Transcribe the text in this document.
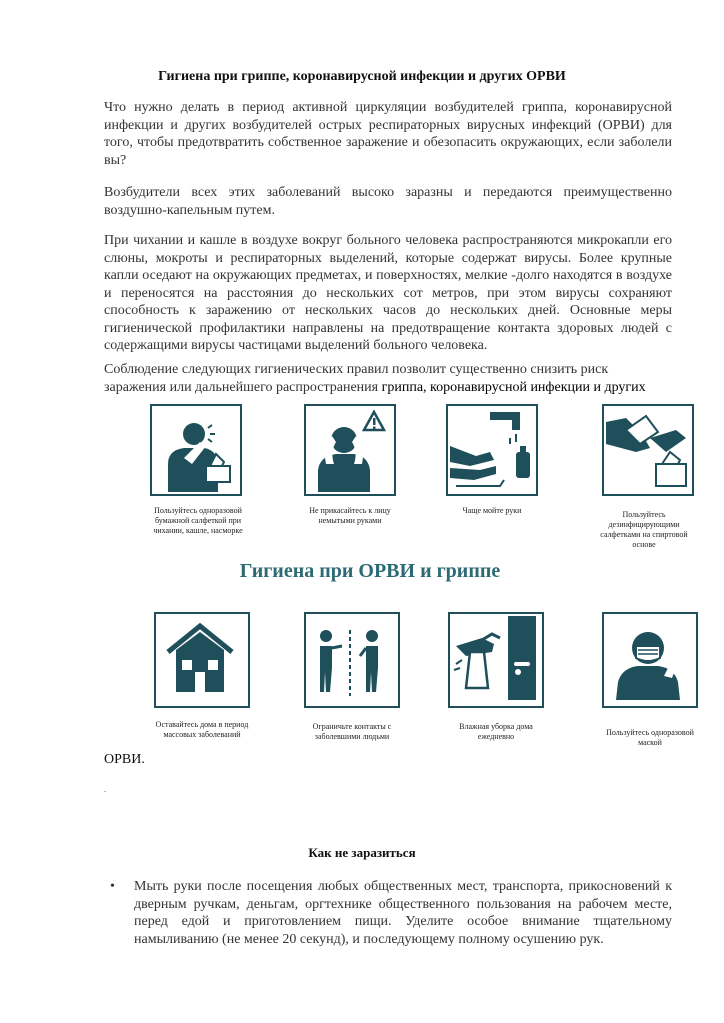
Гигиена при гриппе, коронавирусной инфекции и других ОРВИ

Что нужно делать в период активной циркуляции возбудителей гриппа, коронавирусной инфекции и других возбудителей острых респираторных вирусных инфекций (ОРВИ) для того, чтобы предотвратить собственное заражение и обезопасить окружающих, если заболели вы?

Возбудители всех этих заболеваний высоко заразны и передаются преимущественно воздушно-капельным путем.

При чихании и кашле в воздухе вокруг больного человека распространяются микрокапли его слюны, мокроты и респираторных выделений, которые содержат вирусы. Более крупные капли оседают на окружающих предметах, и поверхностях, мелкие -долго находятся в воздухе и переносятся на расстояния до нескольких сот метров, при этом вирусы сохраняют способность к заражению от нескольких часов до нескольких дней. Основные меры гигиенической профилактики направлены на предотвращение контакта здоровых людей с содержащими вирусы частицами выделений больного человека.

Соблюдение следующих гигиенических правил позволит существенно снизить риск заражения или дальнейшего распространения гриппа, коронавирусной инфекции и других

Пользуйтесь одноразовой бумажной салфеткой при чихании, кашле, насморке
Не прикасайтесь к лицу немытыми руками
Чаще мойте руки	Пользуйтесь дезинфицирующими салфетками на спиртовой основе
Гигиена при ОРВИ и гриппе
Оставайтесь дома в период массовых заболеваний
Ограничьте контакты с заболевшими людьми
Влажная уборка дома ежедневно	Пользуйтесь одноразовой маской
ОРВИ.
.
Как не заразиться
• Мыть руки после посещения любых общественных мест, транспорта, прикосновений к дверным ручкам, деньгам, оргтехнике общественного пользования на рабочем месте, перед едой и приготовлением пищи. Уделите особое внимание тщательному намыливанию (не менее 20 секунд), и последующему полному осушению рук.
